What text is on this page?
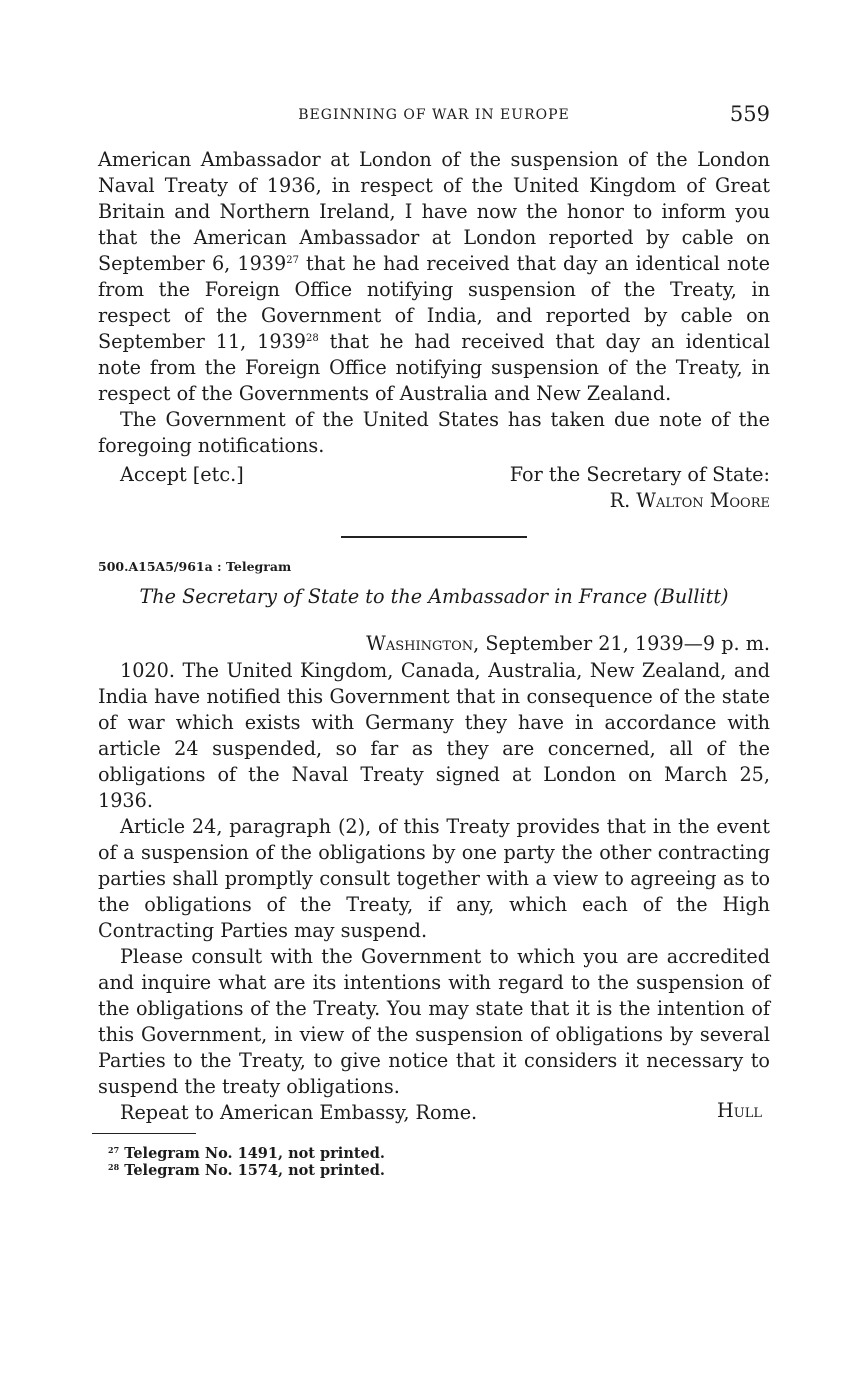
BEGINNING OF WAR IN EUROPE	559

American Ambassador at London of the suspension of the London Naval Treaty of 1936, in respect of the United Kingdom of Great Britain and Northern Ireland, I have now the honor to inform you that the American Ambassador at London reported by cable on September 6, 1939$^{27}$ that he had received that day an identical note from the Foreign Office notifying suspension of the Treaty, in respect of the Government of India, and reported by cable on September 11, 1939$^{28}$ that he had received that day an identical note from the Foreign Office notifying suspension of the Treaty, in respect of the Governments of Australia and New Zealand.

The Government of the United States has taken due note of the foregoing notifications.

Accept [etc.]	For the Secretary of State:
R. Walton Moore
500.A15A5/961a : Telegram
The Secretary of State to the Ambassador in France (Bullitt)
Washington, September 21, 1939—9 p. m.

1020. The United Kingdom, Canada, Australia, New Zealand, and India have notified this Government that in consequence of the state of war which exists with Germany they have in accordance with article 24 suspended, so far as they are concerned, all of the obligations of the Naval Treaty signed at London on March 25, 1936.

Article 24, paragraph (2), of this Treaty provides that in the event of a suspension of the obligations by one party the other contracting parties shall promptly consult together with a view to agreeing as to the obligations of the Treaty, if any, which each of the High Contracting Parties may suspend.

Please consult with the Government to which you are accredited and inquire what are its intentions with regard to the suspension of the obligations of the Treaty. You may state that it is the intention of this Government, in view of the suspension of obligations by several Parties to the Treaty, to give notice that it considers it necessary to suspend the treaty obligations.

Repeat to American Embassy, Rome.	Hull
$^{27}$ Telegram No. 1491, not printed.
$^{28}$ Telegram No. 1574, not printed.
